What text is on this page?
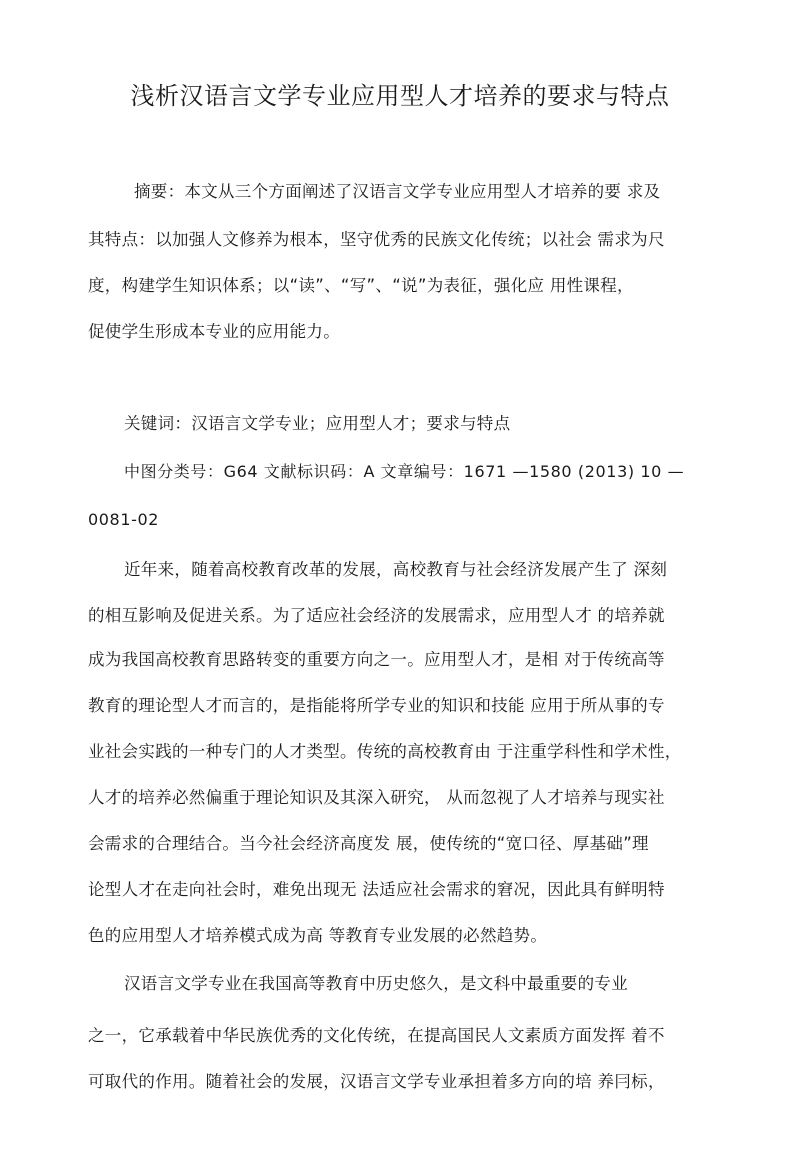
浅析汉语言文学专业应用型人才培养的要求与特点
摘要：本文从三个方面阐述了汉语言文学专业应用型人才培养的要 求及
其特点：以加强人文修养为根本，坚守优秀的民族文化传统；以社会 需求为尺
度，构建学生知识体系；以“读”、“写”、“说”为表征，强化应 用性课程，
促使学生形成本专业的应用能力。
关键词：汉语言文学专业；应用型人才；要求与特点
中图分类号：G64 文献标识码：A 文章编号：1671 —1580 (2013) 10 —
0081-02
近年来，随着高校教育改革的发展，高校教育与社会经济发展产生了 深刻
的相互影响及促进关系。为了适应社会经济的发展需求，应用型人才 的培养就
成为我国高校教育思路转变的重要方向之一。应用型人才，是相 对于传统高等
教育的理论型人才而言的，是指能将所学专业的知识和技能 应用于所从事的专
业社会实践的一种专门的人才类型。传统的高校教育由 于注重学科性和学术性，
人才的培养必然偏重于理论知识及其深入研究， 从而忽视了人才培养与现实社
会需求的合理结合。当今社会经济高度发 展，使传统的“宽口径、厚基础”理
论型人才在走向社会时，难免出现无 法适应社会需求的窘况，因此具有鲜明特
色的应用型人才培养模式成为高 等教育专业发展的必然趋势。
汉语言文学专业在我国高等教育中历史悠久，是文科中最重要的专业
之一，它承载着中华民族优秀的文化传统，在提高国民人文素质方面发挥 着不
可取代的作用。随着社会的发展，汉语言文学专业承担着多方向的培 养冃标，
